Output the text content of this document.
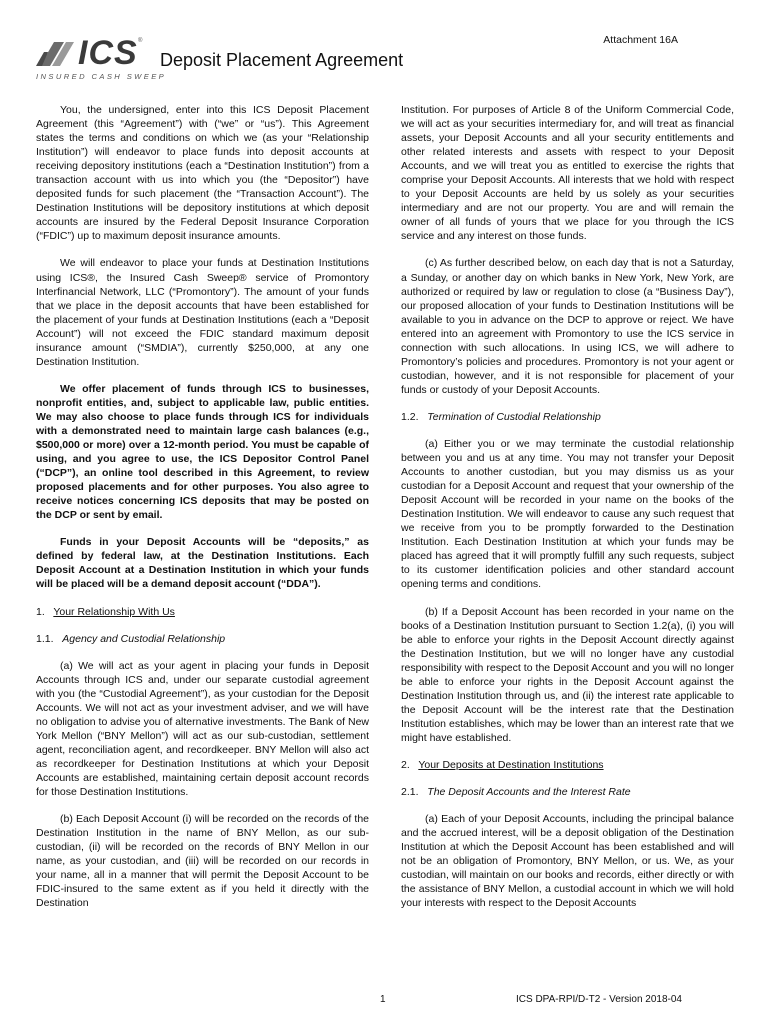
Attachment 16A
ICS ®
INSURED CASH SWEEP
Deposit Placement Agreement

You, the undersigned, enter into this ICS Deposit Placement Agreement (this “Agreement”) with (“we” or “us”). This Agreement states the terms and conditions on which we (as your “Relationship Institution”) will endeavor to place funds into deposit accounts at receiving depository institutions (each a “Destination Institution”) from a transaction account with us into which you (the “Depositor”) have deposited funds for such placement (the “Transaction Account”). The Destination Institutions will be depository institutions at which deposit accounts are insured by the Federal Deposit Insurance Corporation (“FDIC”) up to maximum deposit insurance amounts.

We will endeavor to place your funds at Destination Institutions using ICS®, the Insured Cash Sweep® service of Promontory Interfinancial Network, LLC (“Promontory”). The amount of your funds that we place in the deposit accounts that have been established for the placement of your funds at Destination Institutions (each a “Deposit Account”) will not exceed the FDIC standard maximum deposit insurance amount (“SMDIA”), currently $250,000, at any one Destination Institution.

We offer placement of funds through ICS to businesses, nonprofit entities, and, subject to applicable law, public entities. We may also choose to place funds through ICS for individuals with a demonstrated need to maintain large cash balances (e.g., $500,000 or more) over a 12-month period. You must be capable of using, and you agree to use, the ICS Depositor Control Panel (“DCP”), an online tool described in this Agreement, to review proposed placements and for other purposes. You also agree to receive notices concerning ICS deposits that may be posted on the DCP or sent by email.

Funds in your Deposit Accounts will be “deposits,” as defined by federal law, at the Destination Institutions. Each Deposit Account at a Destination Institution in which your funds will be placed will be a demand deposit account (“DDA”).

1. Your Relationship With Us

1.1. Agency and Custodial Relationship

(a) We will act as your agent in placing your funds in Deposit Accounts through ICS and, under our separate custodial agreement with you (the “Custodial Agreement”), as your custodian for the Deposit Accounts. We will not act as your investment adviser, and we will have no obligation to advise you of alternative investments. The Bank of New York Mellon (“BNY Mellon”) will act as our sub-custodian, settlement agent, reconciliation agent, and recordkeeper. BNY Mellon will also act as recordkeeper for Destination Institutions at which your Deposit Accounts are established, maintaining certain deposit account records for those Destination Institutions.

(b) Each Deposit Account (i) will be recorded on the records of the Destination Institution in the name of BNY Mellon, as our sub-custodian, (ii) will be recorded on the records of BNY Mellon in our name, as your custodian, and (iii) will be recorded on our records in your name, all in a manner that will permit the Deposit Account to be FDIC-insured to the same extent as if you held it directly with the Destination

Institution. For purposes of Article 8 of the Uniform Commercial Code, we will act as your securities intermediary for, and will treat as financial assets, your Deposit Accounts and all your security entitlements and other related interests and assets with respect to your Deposit Accounts, and we will treat you as entitled to exercise the rights that comprise your Deposit Accounts. All interests that we hold with respect to your Deposit Accounts are held by us solely as your securities intermediary and are not our property. You are and will remain the owner of all funds of yours that we place for you through the ICS service and any interest on those funds.

(c) As further described below, on each day that is not a Saturday, a Sunday, or another day on which banks in New York, New York, are authorized or required by law or regulation to close (a “Business Day”), our proposed allocation of your funds to Destination Institutions will be available to you in advance on the DCP to approve or reject. We have entered into an agreement with Promontory to use the ICS service in connection with such allocations. In using ICS, we will adhere to Promontory’s policies and procedures. Promontory is not your agent or custodian, however, and it is not responsible for placement of your funds or custody of your Deposit Accounts.

1.2. Termination of Custodial Relationship

(a) Either you or we may terminate the custodial relationship between you and us at any time. You may not transfer your Deposit Accounts to another custodian, but you may dismiss us as your custodian for a Deposit Account and request that your ownership of the Deposit Account will be recorded in your name on the books of the Destination Institution. We will endeavor to cause any such request that we receive from you to be promptly forwarded to the Destination Institution. Each Destination Institution at which your funds may be placed has agreed that it will promptly fulfill any such requests, subject to its customer identification policies and other standard account opening terms and conditions.

(b) If a Deposit Account has been recorded in your name on the books of a Destination Institution pursuant to Section 1.2(a), (i) you will be able to enforce your rights in the Deposit Account directly against the Destination Institution, but we will no longer have any custodial responsibility with respect to the Deposit Account and you will no longer be able to enforce your rights in the Deposit Account against the Destination Institution through us, and (ii) the interest rate applicable to the Deposit Account will be the interest rate that the Destination Institution establishes, which may be lower than an interest rate that we might have established.

2. Your Deposits at Destination Institutions

2.1. The Deposit Accounts and the Interest Rate

(a) Each of your Deposit Accounts, including the principal balance and the accrued interest, will be a deposit obligation of the Destination Institution at which the Deposit Account has been established and will not be an obligation of Promontory, BNY Mellon, or us. We, as your custodian, will maintain on our books and records, either directly or with the assistance of BNY Mellon, a custodial account in which we will hold your interests with respect to the Deposit Accounts

1	ICS DPA-RPI/D-T2 - Version 2018-04
